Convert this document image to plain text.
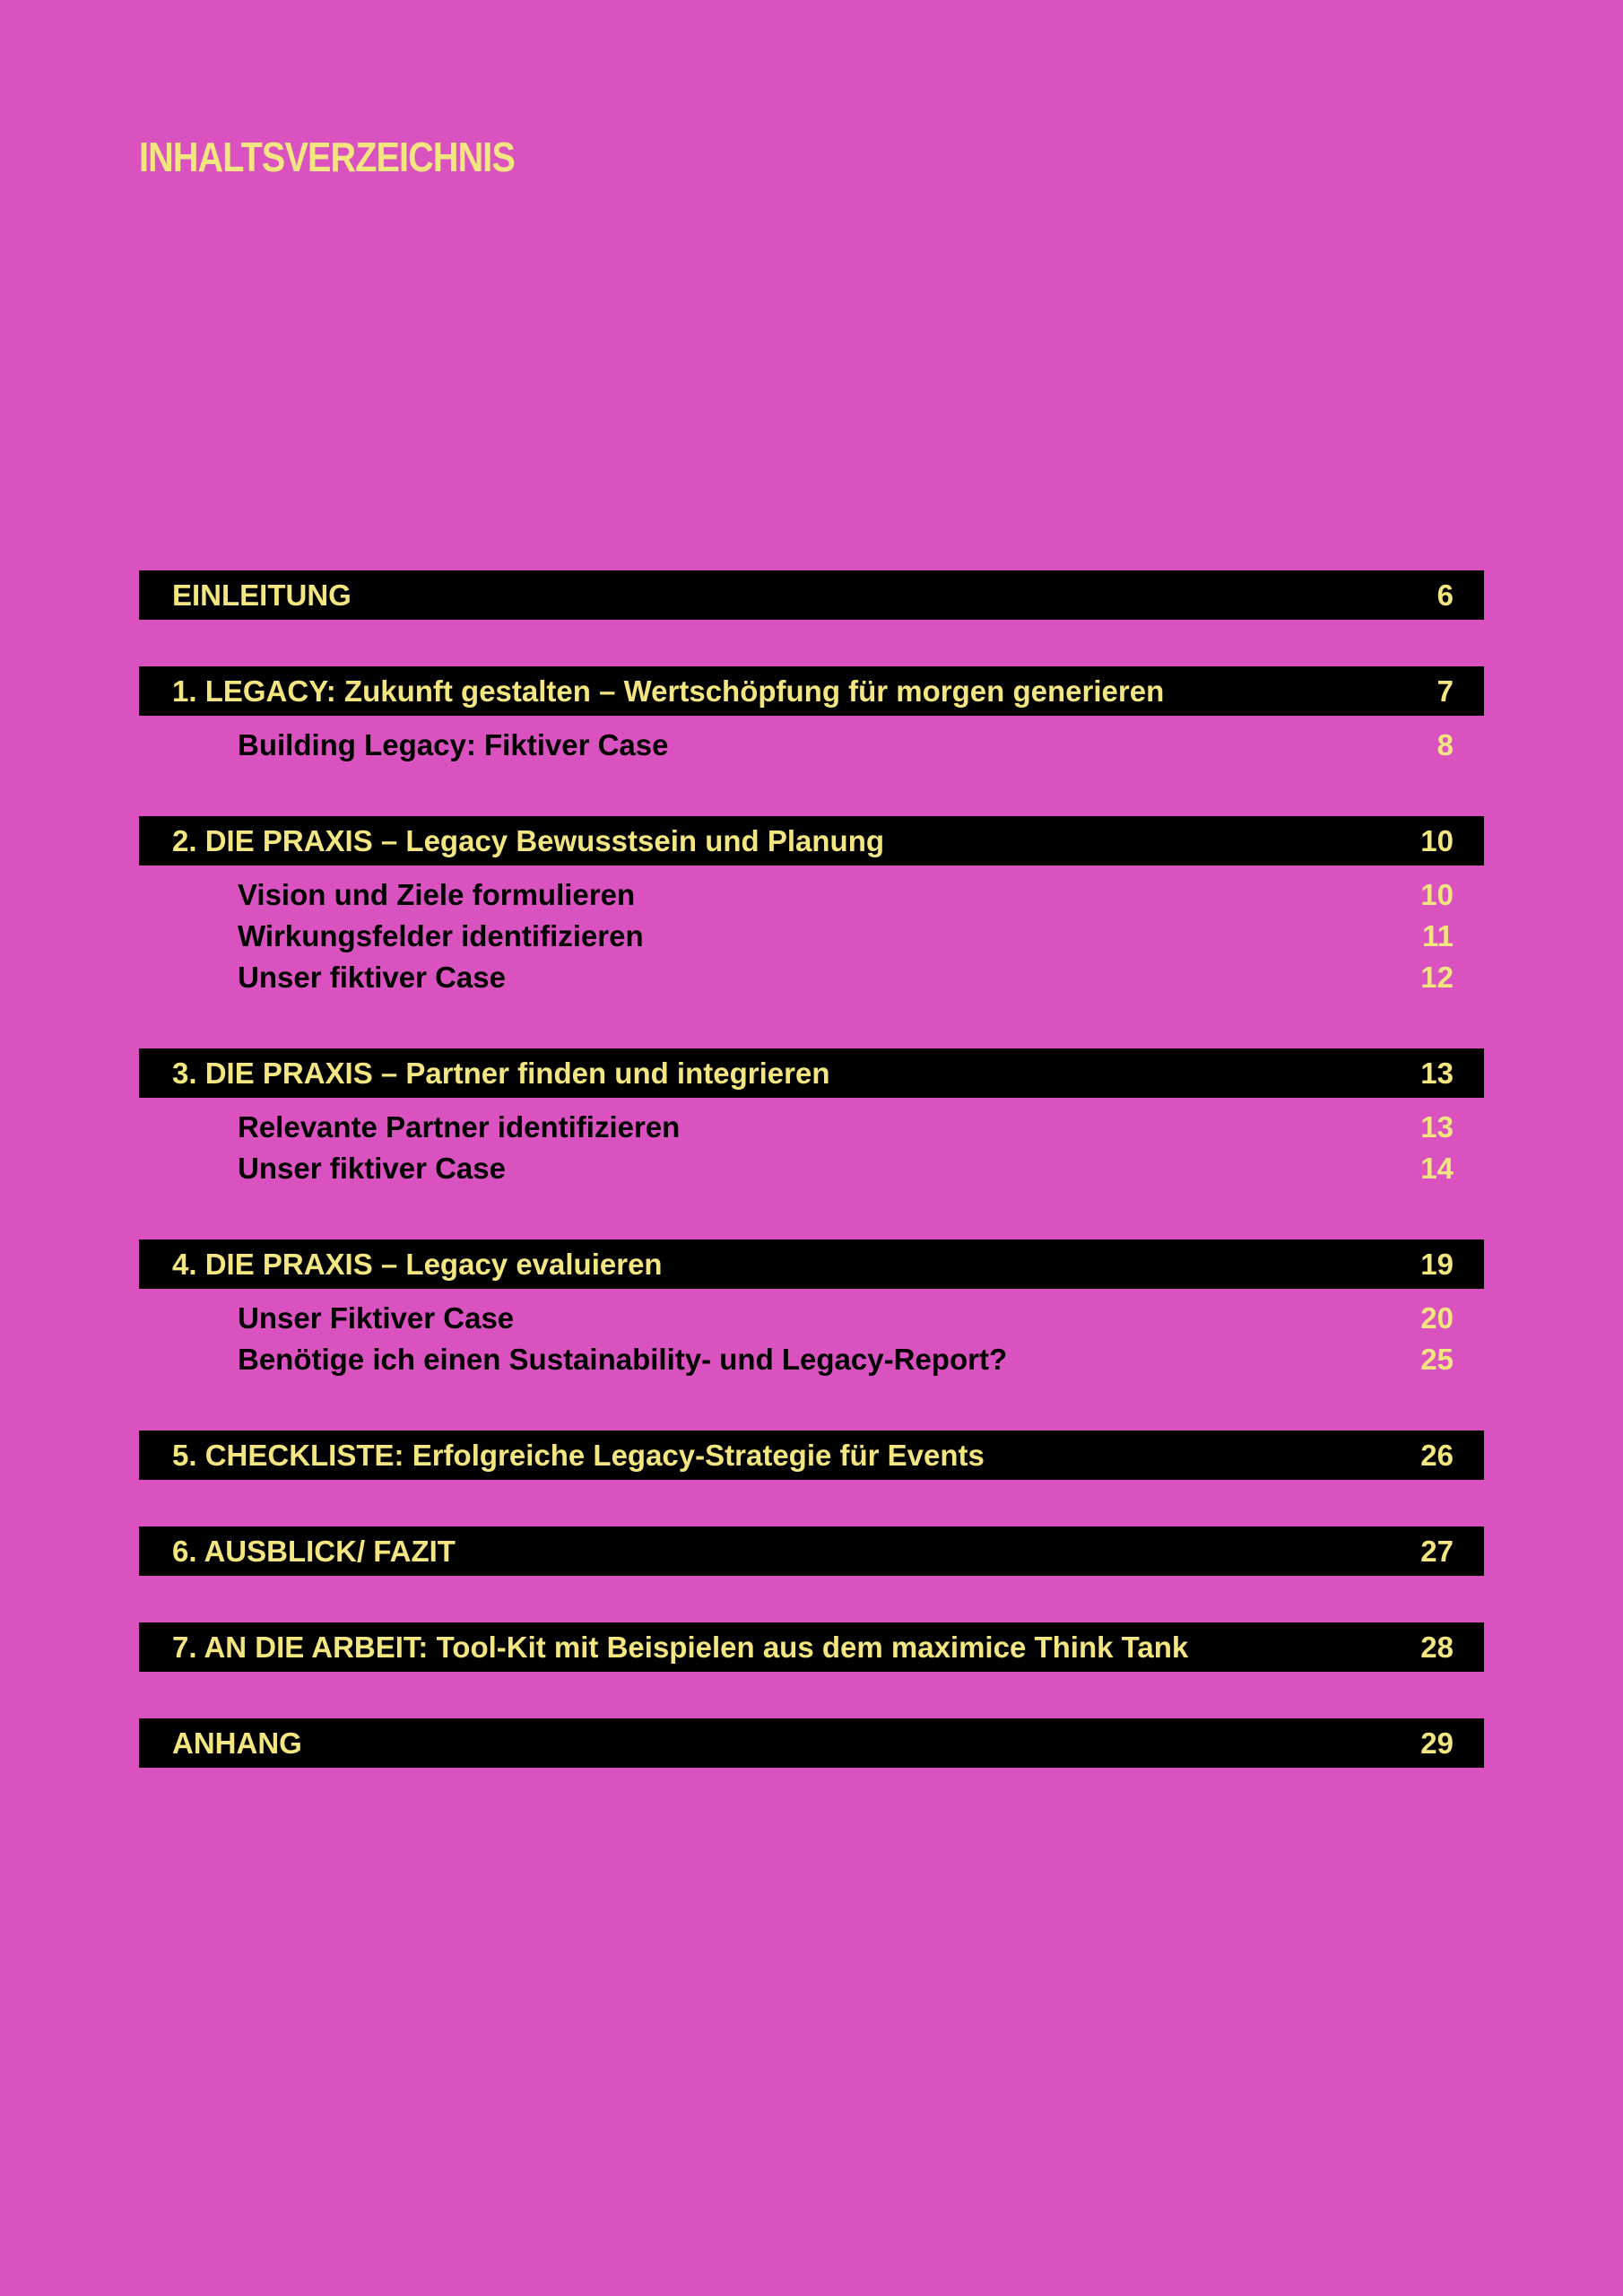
INHALTSVERZEICHNIS
EINLEITUNG	6
1. LEGACY: Zukunft gestalten – Wertschöpfung für morgen generieren	7
Building Legacy: Fiktiver Case	8
2. DIE PRAXIS – Legacy Bewusstsein und Planung	10
Vision und Ziele formulieren	10
Wirkungsfelder identifizieren	11
Unser fiktiver Case	12
3. DIE PRAXIS – Partner finden und integrieren	13
Relevante Partner identifizieren	13
Unser fiktiver Case	14
4. DIE PRAXIS – Legacy evaluieren	19
Unser Fiktiver Case	20
Benötige ich einen Sustainability- und Legacy-Report?	25
5. CHECKLISTE: Erfolgreiche Legacy-Strategie für Events	26
6. AUSBLICK/ FAZIT	27
7. AN DIE ARBEIT: Tool-Kit mit Beispielen aus dem maximice Think Tank	28
ANHANG	29
